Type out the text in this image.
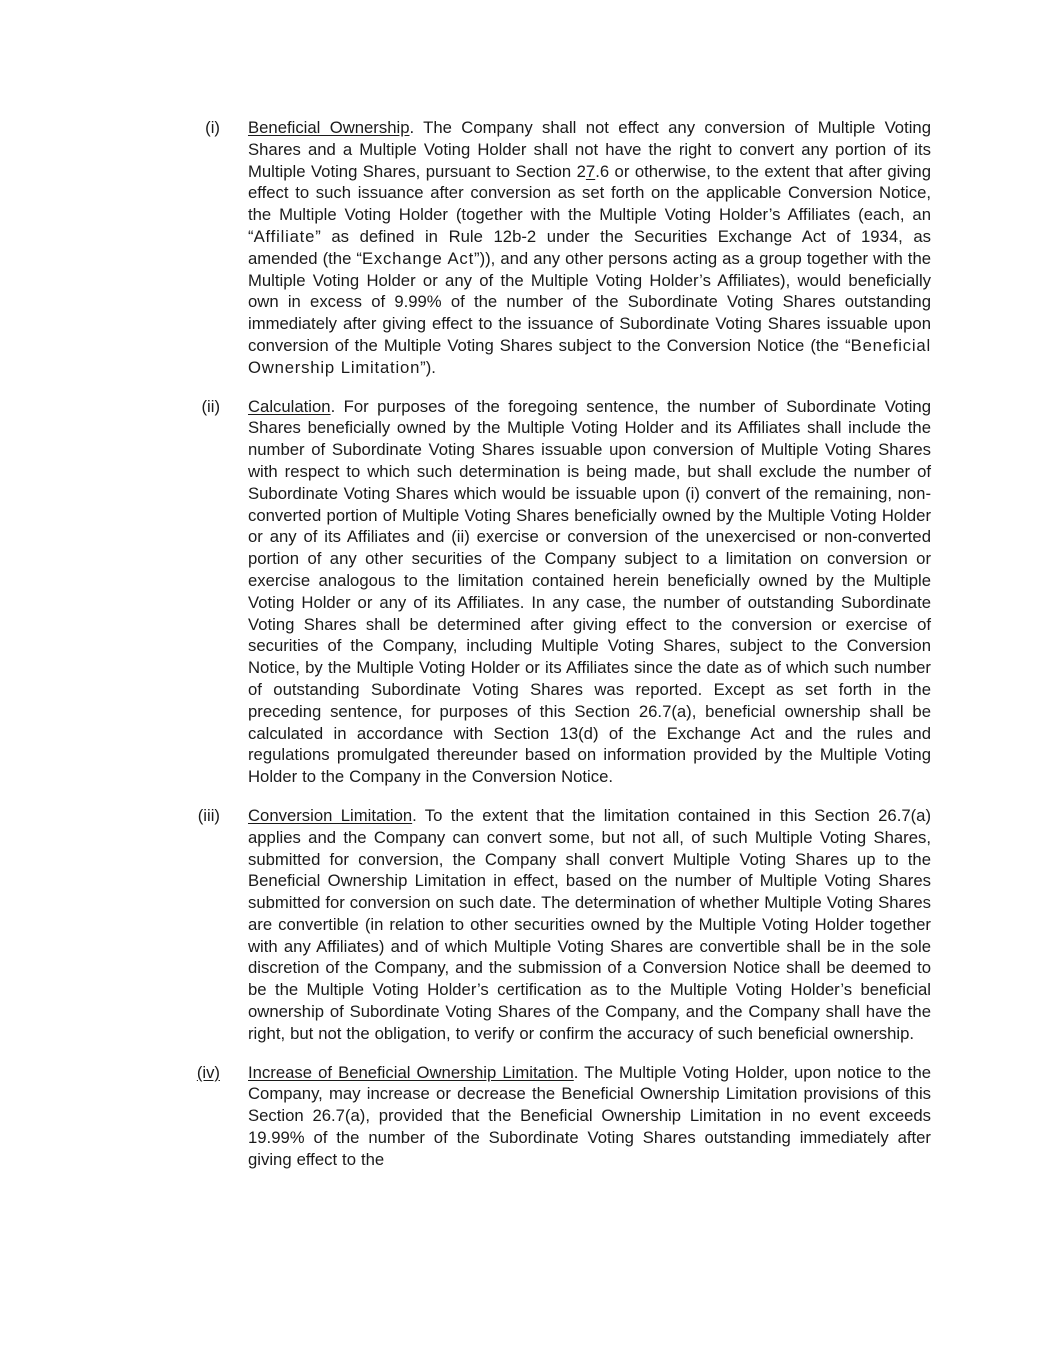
(i) Beneficial Ownership. The Company shall not effect any conversion of Multiple Voting Shares and a Multiple Voting Holder shall not have the right to convert any portion of its Multiple Voting Shares, pursuant to Section 27.6 or otherwise, to the extent that after giving effect to such issuance after conversion as set forth on the applicable Conversion Notice, the Multiple Voting Holder (together with the Multiple Voting Holder’s Affiliates (each, an “Affiliate” as defined in Rule 12b-2 under the Securities Exchange Act of 1934, as amended (the “Exchange Act”)), and any other persons acting as a group together with the Multiple Voting Holder or any of the Multiple Voting Holder’s Affiliates), would beneficially own in excess of 9.99% of the number of the Subordinate Voting Shares outstanding immediately after giving effect to the issuance of Subordinate Voting Shares issuable upon conversion of the Multiple Voting Shares subject to the Conversion Notice (the “Beneficial Ownership Limitation”).
(ii) Calculation. For purposes of the foregoing sentence, the number of Subordinate Voting Shares beneficially owned by the Multiple Voting Holder and its Affiliates shall include the number of Subordinate Voting Shares issuable upon conversion of Multiple Voting Shares with respect to which such determination is being made, but shall exclude the number of Subordinate Voting Shares which would be issuable upon (i) convert of the remaining, non-converted portion of Multiple Voting Shares beneficially owned by the Multiple Voting Holder or any of its Affiliates and (ii) exercise or conversion of the unexercised or non-converted portion of any other securities of the Company subject to a limitation on conversion or exercise analogous to the limitation contained herein beneficially owned by the Multiple Voting Holder or any of its Affiliates. In any case, the number of outstanding Subordinate Voting Shares shall be determined after giving effect to the conversion or exercise of securities of the Company, including Multiple Voting Shares, subject to the Conversion Notice, by the Multiple Voting Holder or its Affiliates since the date as of which such number of outstanding Subordinate Voting Shares was reported. Except as set forth in the preceding sentence, for purposes of this Section 26.7(a), beneficial ownership shall be calculated in accordance with Section 13(d) of the Exchange Act and the rules and regulations promulgated thereunder based on information provided by the Multiple Voting Holder to the Company in the Conversion Notice.
(iii) Conversion Limitation. To the extent that the limitation contained in this Section 26.7(a) applies and the Company can convert some, but not all, of such Multiple Voting Shares, submitted for conversion, the Company shall convert Multiple Voting Shares up to the Beneficial Ownership Limitation in effect, based on the number of Multiple Voting Shares submitted for conversion on such date. The determination of whether Multiple Voting Shares are convertible (in relation to other securities owned by the Multiple Voting Holder together with any Affiliates) and of which Multiple Voting Shares are convertible shall be in the sole discretion of the Company, and the submission of a Conversion Notice shall be deemed to be the Multiple Voting Holder’s certification as to the Multiple Voting Holder’s beneficial ownership of Subordinate Voting Shares of the Company, and the Company shall have the right, but not the obligation, to verify or confirm the accuracy of such beneficial ownership.
(iv) Increase of Beneficial Ownership Limitation. The Multiple Voting Holder, upon notice to the Company, may increase or decrease the Beneficial Ownership Limitation provisions of this Section 26.7(a), provided that the Beneficial Ownership Limitation in no event exceeds 19.99% of the number of the Subordinate Voting Shares outstanding immediately after giving effect to the
